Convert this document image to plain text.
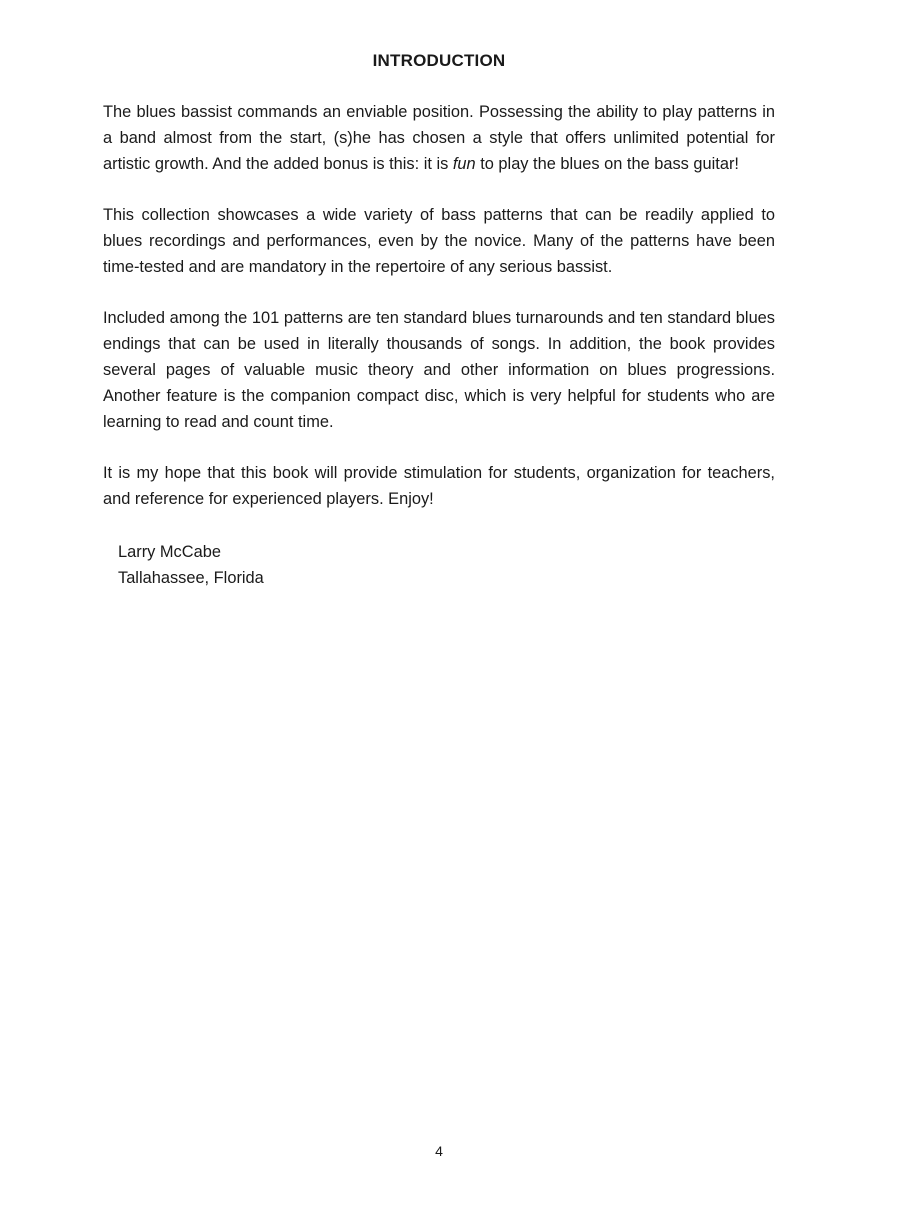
INTRODUCTION

The blues bassist commands an enviable position. Possessing the ability to play patterns in a band almost from the start, (s)he has chosen a style that offers unlimited potential for artistic growth. And the added bonus is this: it is fun to play the blues on the bass guitar!

This collection showcases a wide variety of bass patterns that can be readily applied to blues recordings and performances, even by the novice. Many of the patterns have been time-tested and are mandatory in the repertoire of any serious bassist.

Included among the 101 patterns are ten standard blues turnarounds and ten standard blues endings that can be used in literally thousands of songs. In addition, the book provides several pages of valuable music theory and other information on blues progressions. Another feature is the companion compact disc, which is very helpful for students who are learning to read and count time.

It is my hope that this book will provide stimulation for students, organization for teachers, and reference for experienced players. Enjoy!

Larry McCabe
Tallahassee, Florida
4
